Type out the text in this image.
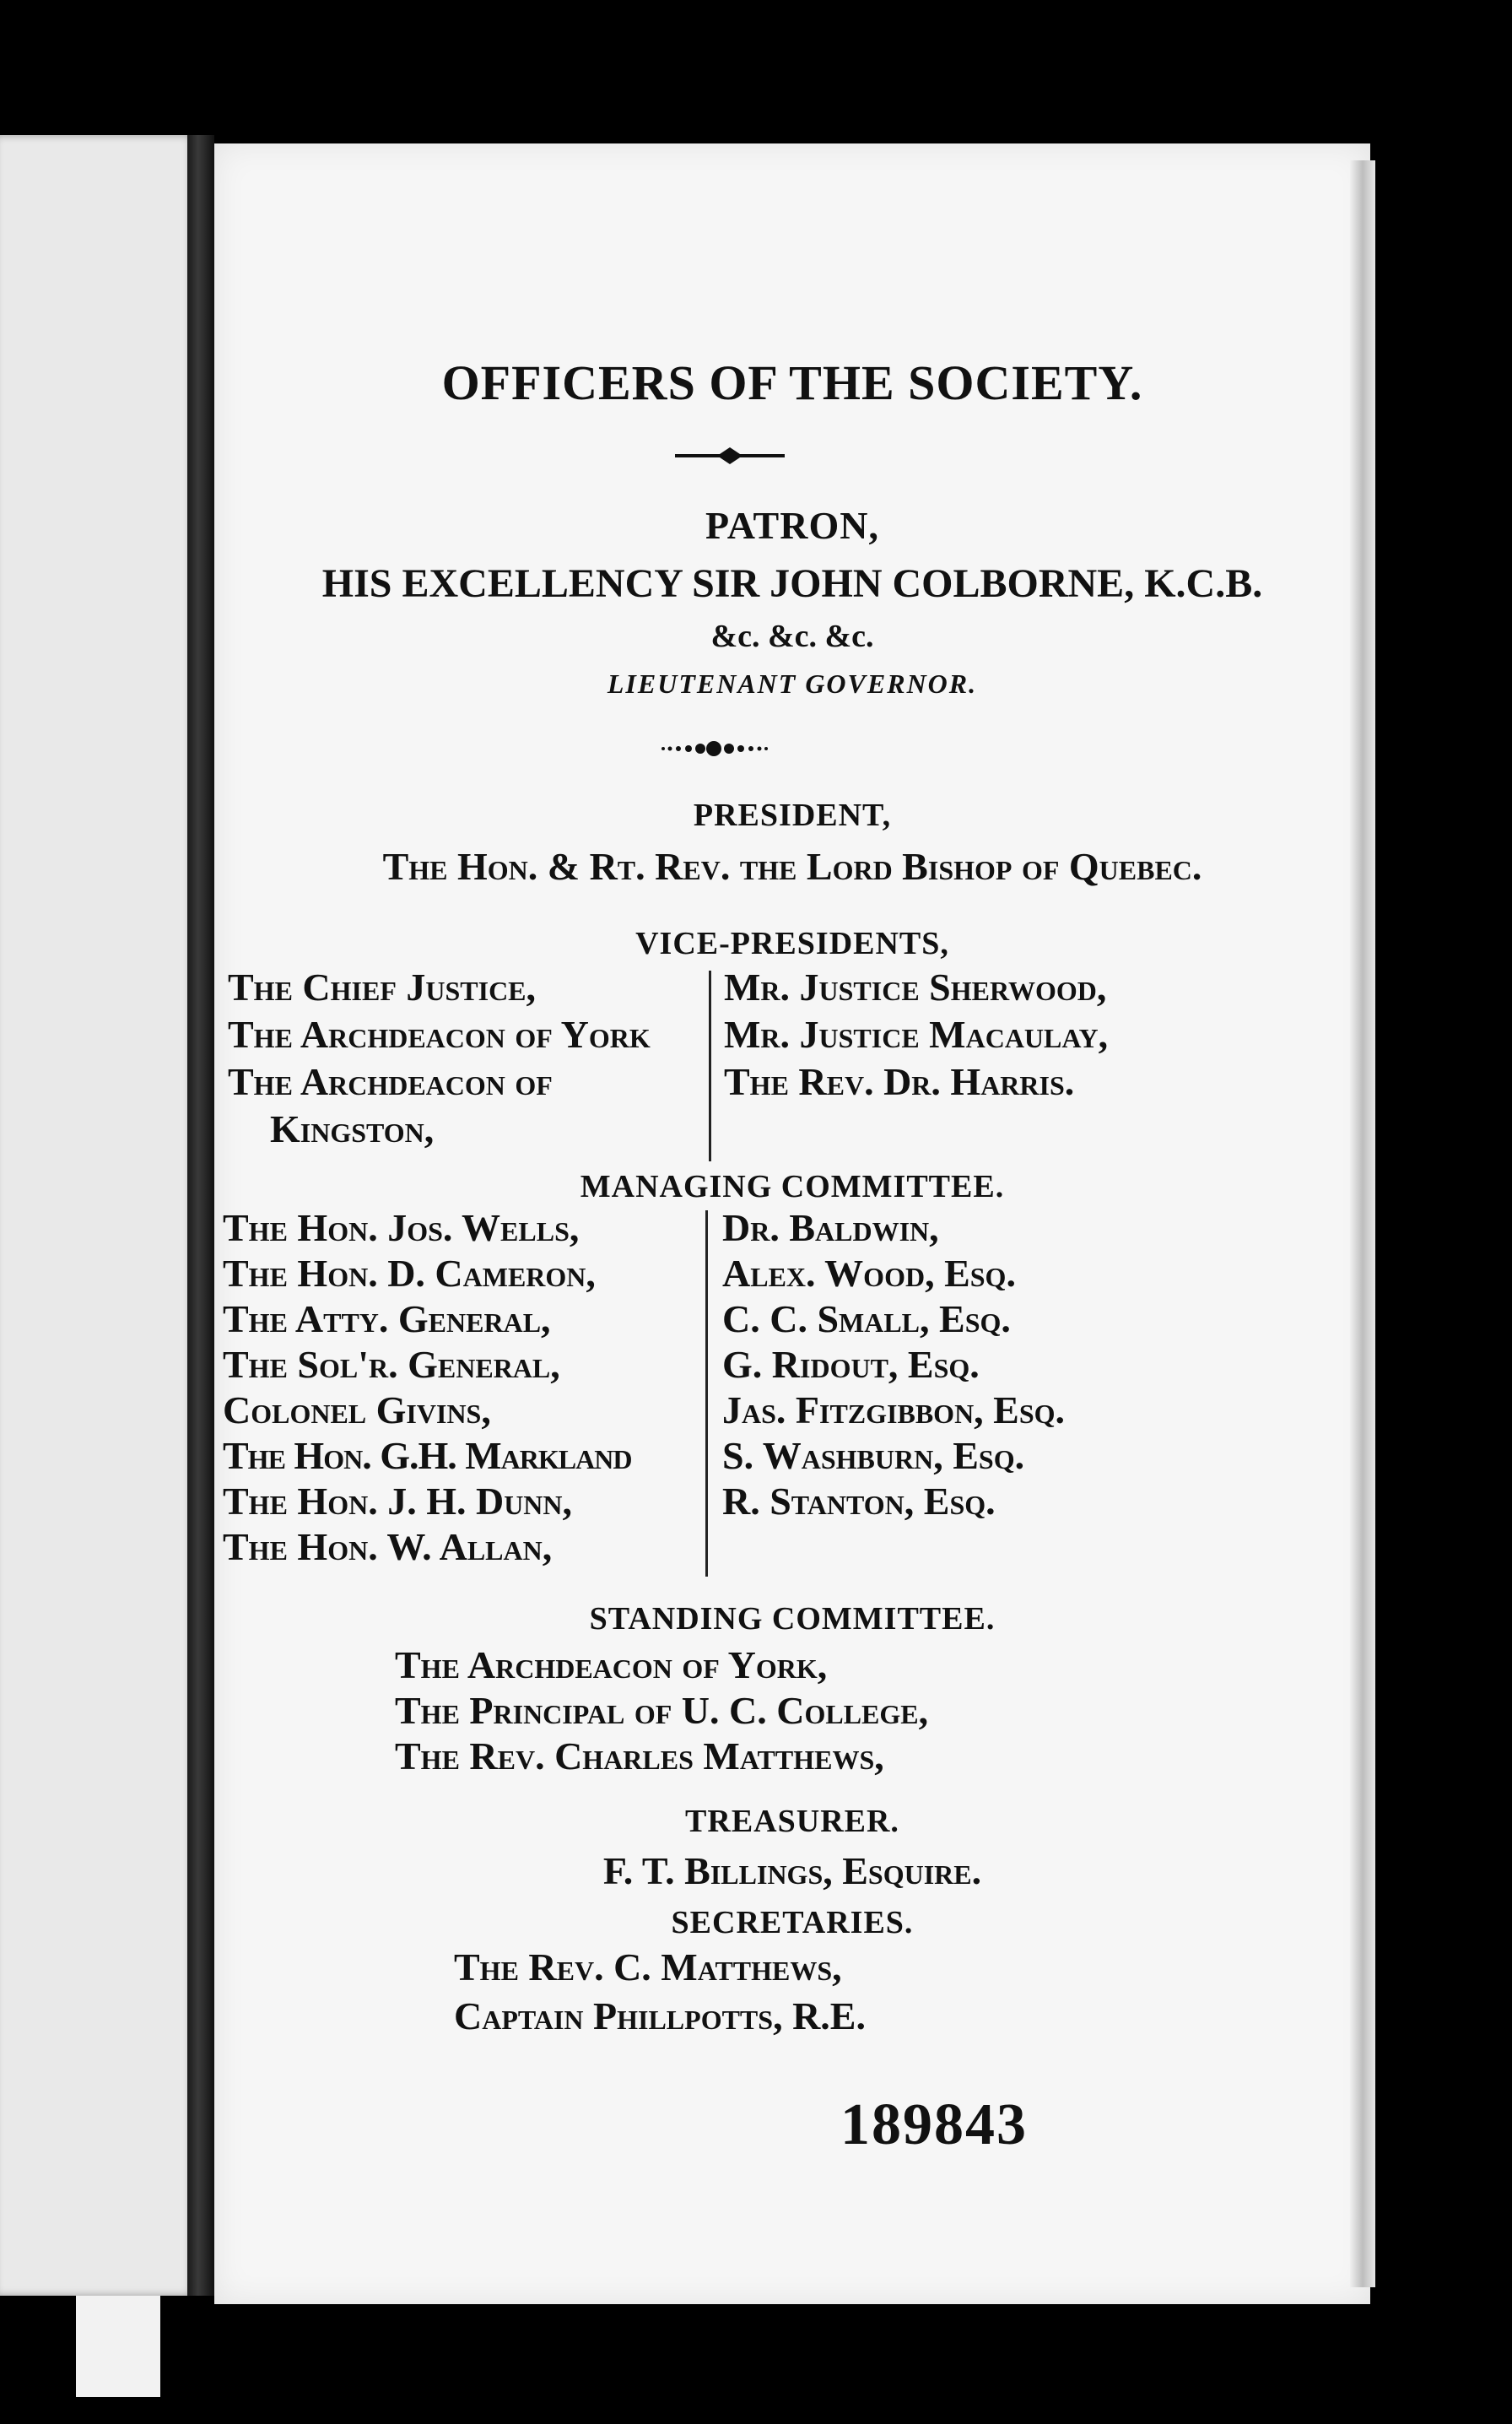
OFFICERS OF THE SOCIETY.
PATRON,
HIS EXCELLENCY SIR JOHN COLBORNE, K.C.B.
&c. &c. &c.
LIEUTENANT GOVERNOR.
PRESIDENT,
The Hon. & Rt. Rev. the Lord Bishop of Quebec.
VICE-PRESIDENTS,
The Chief Justice,
The Archdeacon of York
The Archdeacon of
Kingston,
Mr. Justice Sherwood,
Mr. Justice Macaulay,
The Rev. Dr. Harris.
MANAGING COMMITTEE.
The Hon. Jos. Wells,
The Hon. D. Cameron,
The Atty. General,
The Sol'r. General,
Colonel Givins,
The Hon. G.H. Markland
The Hon. J. H. Dunn,
The Hon. W. Allan,
Dr. Baldwin,
Alex. Wood, Esq.
C. C. Small, Esq.
G. Ridout, Esq.
Jas. Fitzgibbon, Esq.
S. Washburn, Esq.
R. Stanton, Esq.
STANDING COMMITTEE.
The Archdeacon of York,
The Principal of U. C. College,
The Rev. Charles Matthews,
TREASURER.
F. T. Billings, Esquire.
SECRETARIES.
The Rev. C. Matthews,
Captain Phillpotts, R.E.
189843
